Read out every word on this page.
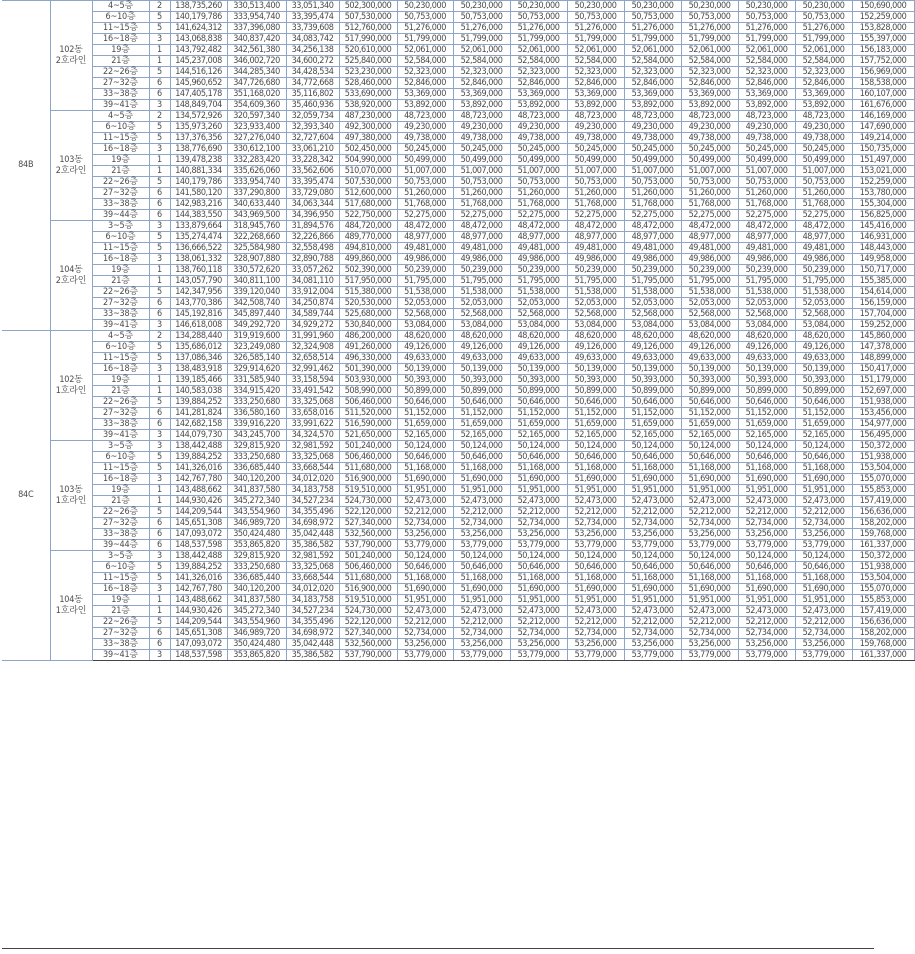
84B	102동
2호라인	4~5층	2	138,735,260	330,513,400	33,051,340	502,300,000	50,230,000	50,230,000	50,230,000	50,230,000	50,230,000	50,230,000	50,230,000	50,230,000	150,690,000
		6~10층	5	140,179,786	333,954,740	33,395,474	507,530,000	50,753,000	50,753,000	50,753,000	50,753,000	50,753,000	50,753,000	50,753,000	50,753,000	152,259,000
		11~15층	5	141,624,312	337,396,080	33,739,608	512,760,000	51,276,000	51,276,000	51,276,000	51,276,000	51,276,000	51,276,000	51,276,000	51,276,000	153,828,000
		16~18층	3	143,068,838	340,837,420	34,083,742	517,990,000	51,799,000	51,799,000	51,799,000	51,799,000	51,799,000	51,799,000	51,799,000	51,799,000	155,397,000
		19층	1	143,792,482	342,561,380	34,256,138	520,610,000	52,061,000	52,061,000	52,061,000	52,061,000	52,061,000	52,061,000	52,061,000	52,061,000	156,183,000
		21층	1	145,237,008	346,002,720	34,600,272	525,840,000	52,584,000	52,584,000	52,584,000	52,584,000	52,584,000	52,584,000	52,584,000	52,584,000	157,752,000
		22~26층	5	144,516,126	344,285,340	34,428,534	523,230,000	52,323,000	52,323,000	52,323,000	52,323,000	52,323,000	52,323,000	52,323,000	52,323,000	156,969,000
		27~32층	6	145,960,652	347,726,680	34,772,668	528,460,000	52,846,000	52,846,000	52,846,000	52,846,000	52,846,000	52,846,000	52,846,000	52,846,000	158,538,000
		33~38층	6	147,405,178	351,168,020	35,116,802	533,690,000	53,369,000	53,369,000	53,369,000	53,369,000	53,369,000	53,369,000	53,369,000	53,369,000	160,107,000
		39~41층	3	148,849,704	354,609,360	35,460,936	538,920,000	53,892,000	53,892,000	53,892,000	53,892,000	53,892,000	53,892,000	53,892,000	53,892,000	161,676,000

	103동
2호라인	4~5층	2	134,572,926	320,597,340	32,059,734	487,230,000	48,723,000	48,723,000	48,723,000	48,723,000	48,723,000	48,723,000	48,723,000	48,723,000	146,169,000
		6~10층	5	135,973,260	323,933,400	32,393,340	492,300,000	49,230,000	49,230,000	49,230,000	49,230,000	49,230,000	49,230,000	49,230,000	49,230,000	147,690,000
		11~15층	5	137,376,356	327,276,040	32,727,604	497,380,000	49,738,000	49,738,000	49,738,000	49,738,000	49,738,000	49,738,000	49,738,000	49,738,000	149,214,000
		16~18층	3	138,776,690	330,612,100	33,061,210	502,450,000	50,245,000	50,245,000	50,245,000	50,245,000	50,245,000	50,245,000	50,245,000	50,245,000	150,735,000
		19층	1	139,478,238	332,283,420	33,228,342	504,990,000	50,499,000	50,499,000	50,499,000	50,499,000	50,499,000	50,499,000	50,499,000	50,499,000	151,497,000
		21층	1	140,881,334	335,626,060	33,562,606	510,070,000	51,007,000	51,007,000	51,007,000	51,007,000	51,007,000	51,007,000	51,007,000	51,007,000	153,021,000
		22~26층	5	140,179,786	333,954,740	33,395,474	507,530,000	50,753,000	50,753,000	50,753,000	50,753,000	50,753,000	50,753,000	50,753,000	50,753,000	152,259,000
		27~32층	6	141,580,120	337,290,800	33,729,080	512,600,000	51,260,000	51,260,000	51,260,000	51,260,000	51,260,000	51,260,000	51,260,000	51,260,000	153,780,000
		33~38층	6	142,983,216	340,633,440	34,063,344	517,680,000	51,768,000	51,768,000	51,768,000	51,768,000	51,768,000	51,768,000	51,768,000	51,768,000	155,304,000
		39~44층	6	144,383,550	343,969,500	34,396,950	522,750,000	52,275,000	52,275,000	52,275,000	52,275,000	52,275,000	52,275,000	52,275,000	52,275,000	156,825,000

	104동
2호라인	3~5층	3	133,879,664	318,945,760	31,894,576	484,720,000	48,472,000	48,472,000	48,472,000	48,472,000	48,472,000	48,472,000	48,472,000	48,472,000	145,416,000
		6~10층	5	135,274,474	322,268,660	32,226,866	489,770,000	48,977,000	48,977,000	48,977,000	48,977,000	48,977,000	48,977,000	48,977,000	48,977,000	146,931,000
		11~15층	5	136,666,522	325,584,980	32,558,498	494,810,000	49,481,000	49,481,000	49,481,000	49,481,000	49,481,000	49,481,000	49,481,000	49,481,000	148,443,000
		16~18층	3	138,061,332	328,907,880	32,890,788	499,860,000	49,986,000	49,986,000	49,986,000	49,986,000	49,986,000	49,986,000	49,986,000	49,986,000	149,958,000
		19층	1	138,760,118	330,572,620	33,057,262	502,390,000	50,239,000	50,239,000	50,239,000	50,239,000	50,239,000	50,239,000	50,239,000	50,239,000	150,717,000
		21층	1	143,057,790	340,811,100	34,081,110	517,950,000	51,795,000	51,795,000	51,795,000	51,795,000	51,795,000	51,795,000	51,795,000	51,795,000	155,385,000
		22~26층	5	142,347,956	339,120,040	33,912,004	515,380,000	51,538,000	51,538,000	51,538,000	51,538,000	51,538,000	51,538,000	51,538,000	51,538,000	154,614,000
		27~32층	6	143,770,386	342,508,740	34,250,874	520,530,000	52,053,000	52,053,000	52,053,000	52,053,000	52,053,000	52,053,000	52,053,000	52,053,000	156,159,000
		33~38층	6	145,192,816	345,897,440	34,589,744	525,680,000	52,568,000	52,568,000	52,568,000	52,568,000	52,568,000	52,568,000	52,568,000	52,568,000	157,704,000
		39~41층	3	146,618,008	349,292,720	34,929,272	530,840,000	53,084,000	53,084,000	53,084,000	53,084,000	53,084,000	53,084,000	53,084,000	53,084,000	159,252,000
84C	102동
1호라인	4~5층	2	134,288,440	319,919,600	31,991,960	486,200,000	48,620,000	48,620,000	48,620,000	48,620,000	48,620,000	48,620,000	48,620,000	48,620,000	145,860,000
		6~10층	5	135,686,012	323,249,080	32,324,908	491,260,000	49,126,000	49,126,000	49,126,000	49,126,000	49,126,000	49,126,000	49,126,000	49,126,000	147,378,000
		11~15층	5	137,086,346	326,585,140	32,658,514	496,330,000	49,633,000	49,633,000	49,633,000	49,633,000	49,633,000	49,633,000	49,633,000	49,633,000	148,899,000
		16~18층	3	138,483,918	329,914,620	32,991,462	501,390,000	50,139,000	50,139,000	50,139,000	50,139,000	50,139,000	50,139,000	50,139,000	50,139,000	150,417,000
		19층	1	139,185,466	331,585,940	33,158,594	503,930,000	50,393,000	50,393,000	50,393,000	50,393,000	50,393,000	50,393,000	50,393,000	50,393,000	151,179,000
		21층	1	140,583,038	334,915,420	33,491,542	508,990,000	50,899,000	50,899,000	50,899,000	50,899,000	50,899,000	50,899,000	50,899,000	50,899,000	152,697,000
		22~26층	5	139,884,252	333,250,680	33,325,068	506,460,000	50,646,000	50,646,000	50,646,000	50,646,000	50,646,000	50,646,000	50,646,000	50,646,000	151,938,000
		27~32층	6	141,281,824	336,580,160	33,658,016	511,520,000	51,152,000	51,152,000	51,152,000	51,152,000	51,152,000	51,152,000	51,152,000	51,152,000	153,456,000
		33~38층	6	142,682,158	339,916,220	33,991,622	516,590,000	51,659,000	51,659,000	51,659,000	51,659,000	51,659,000	51,659,000	51,659,000	51,659,000	154,977,000
		39~41층	3	144,079,730	343,245,700	34,324,570	521,650,000	52,165,000	52,165,000	52,165,000	52,165,000	52,165,000	52,165,000	52,165,000	52,165,000	156,495,000

	103동
1호라인	3~5층	3	138,442,488	329,815,920	32,981,592	501,240,000	50,124,000	50,124,000	50,124,000	50,124,000	50,124,000	50,124,000	50,124,000	50,124,000	150,372,000
		6~10층	5	139,884,252	333,250,680	33,325,068	506,460,000	50,646,000	50,646,000	50,646,000	50,646,000	50,646,000	50,646,000	50,646,000	50,646,000	151,938,000
		11~15층	5	141,326,016	336,685,440	33,668,544	511,680,000	51,168,000	51,168,000	51,168,000	51,168,000	51,168,000	51,168,000	51,168,000	51,168,000	153,504,000
		16~18층	3	142,767,780	340,120,200	34,012,020	516,900,000	51,690,000	51,690,000	51,690,000	51,690,000	51,690,000	51,690,000	51,690,000	51,690,000	155,070,000
		19층	1	143,488,662	341,837,580	34,183,758	519,510,000	51,951,000	51,951,000	51,951,000	51,951,000	51,951,000	51,951,000	51,951,000	51,951,000	155,853,000
		21층	1	144,930,426	345,272,340	34,527,234	524,730,000	52,473,000	52,473,000	52,473,000	52,473,000	52,473,000	52,473,000	52,473,000	52,473,000	157,419,000
		22~26층	5	144,209,544	343,554,960	34,355,496	522,120,000	52,212,000	52,212,000	52,212,000	52,212,000	52,212,000	52,212,000	52,212,000	52,212,000	156,636,000
		27~32층	6	145,651,308	346,989,720	34,698,972	527,340,000	52,734,000	52,734,000	52,734,000	52,734,000	52,734,000	52,734,000	52,734,000	52,734,000	158,202,000
		33~38층	6	147,093,072	350,424,480	35,042,448	532,560,000	53,256,000	53,256,000	53,256,000	53,256,000	53,256,000	53,256,000	53,256,000	53,256,000	159,768,000
		39~44층	6	148,537,598	353,865,820	35,386,582	537,790,000	53,779,000	53,779,000	53,779,000	53,779,000	53,779,000	53,779,000	53,779,000	53,779,000	161,337,000

	104동
1호라인	3~5층	3	138,442,488	329,815,920	32,981,592	501,240,000	50,124,000	50,124,000	50,124,000	50,124,000	50,124,000	50,124,000	50,124,000	50,124,000	150,372,000
		6~10층	5	139,884,252	333,250,680	33,325,068	506,460,000	50,646,000	50,646,000	50,646,000	50,646,000	50,646,000	50,646,000	50,646,000	50,646,000	151,938,000
		11~15층	5	141,326,016	336,685,440	33,668,544	511,680,000	51,168,000	51,168,000	51,168,000	51,168,000	51,168,000	51,168,000	51,168,000	51,168,000	153,504,000
		16~18층	3	142,767,780	340,120,200	34,012,020	516,900,000	51,690,000	51,690,000	51,690,000	51,690,000	51,690,000	51,690,000	51,690,000	51,690,000	155,070,000
		19층	1	143,488,662	341,837,580	34,183,758	519,510,000	51,951,000	51,951,000	51,951,000	51,951,000	51,951,000	51,951,000	51,951,000	51,951,000	155,853,000
		21층	1	144,930,426	345,272,340	34,527,234	524,730,000	52,473,000	52,473,000	52,473,000	52,473,000	52,473,000	52,473,000	52,473,000	52,473,000	157,419,000
		22~26층	5	144,209,544	343,554,960	34,355,496	522,120,000	52,212,000	52,212,000	52,212,000	52,212,000	52,212,000	52,212,000	52,212,000	52,212,000	156,636,000
		27~32층	6	145,651,308	346,989,720	34,698,972	527,340,000	52,734,000	52,734,000	52,734,000	52,734,000	52,734,000	52,734,000	52,734,000	52,734,000	158,202,000
		33~38층	6	147,093,072	350,424,480	35,042,448	532,560,000	53,256,000	53,256,000	53,256,000	53,256,000	53,256,000	53,256,000	53,256,000	53,256,000	159,768,000
		39~41층	3	148,537,598	353,865,820	35,386,582	537,790,000	53,779,000	53,779,000	53,779,000	53,779,000	53,779,000	53,779,000	53,779,000	53,779,000	161,337,000
